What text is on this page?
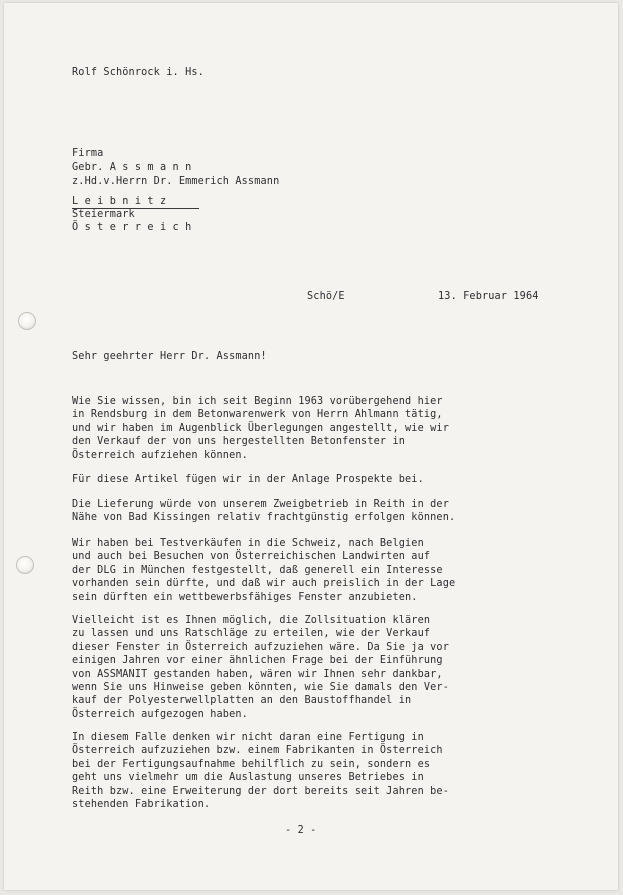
Rolf Schönrock i. Hs.
Firma
Gebr. A s s m a n n
z.Hd.v.Herrn Dr. Emmerich Assmann
L e i b n i t z
Steiermark
Ö s t e r r e i c h
Schö/E	13. Februar 1964
Sehr geehrter Herr Dr. Assmann!
Wie Sie wissen, bin ich seit Beginn 1963 vorübergehend hier
in Rendsburg in dem Betonwarenwerk von Herrn Ahlmann tätig,
und wir haben im Augenblick Überlegungen angestellt, wie wir
den Verkauf der von uns hergestellten Betonfenster in
Österreich aufziehen können.
Für diese Artikel fügen wir in der Anlage Prospekte bei.
Die Lieferung würde von unserem Zweigbetrieb in Reith in der
Nähe von Bad Kissingen relativ frachtgünstig erfolgen können.
Wir haben bei Testverkäufen in die Schweiz, nach Belgien
und auch bei Besuchen von Österreichischen Landwirten auf
der DLG in München festgestellt, daß generell ein Interesse
vorhanden sein dürfte, und daß wir auch preislich in der Lage
sein dürften ein wettbewerbsfähiges Fenster anzubieten.
Vielleicht ist es Ihnen möglich, die Zollsituation klären
zu lassen und uns Ratschläge zu erteilen, wie der Verkauf
dieser Fenster in Österreich aufzuziehen wäre. Da Sie ja vor
einigen Jahren vor einer ähnlichen Frage bei der Einführung
von ASSMANIT gestanden haben, wären wir Ihnen sehr dankbar,
wenn Sie uns Hinweise geben könnten, wie Sie damals den Ver-
kauf der Polyesterwellplatten an den Baustoffhandel in
Österreich aufgezogen haben.
In diesem Falle denken wir nicht daran eine Fertigung in
Österreich aufzuziehen bzw. einem Fabrikanten in Österreich
bei der Fertigungsaufnahme behilflich zu sein, sondern es
geht uns vielmehr um die Auslastung unseres Betriebes in
Reith bzw. eine Erweiterung der dort bereits seit Jahren be-
stehenden Fabrikation.
- 2 -
